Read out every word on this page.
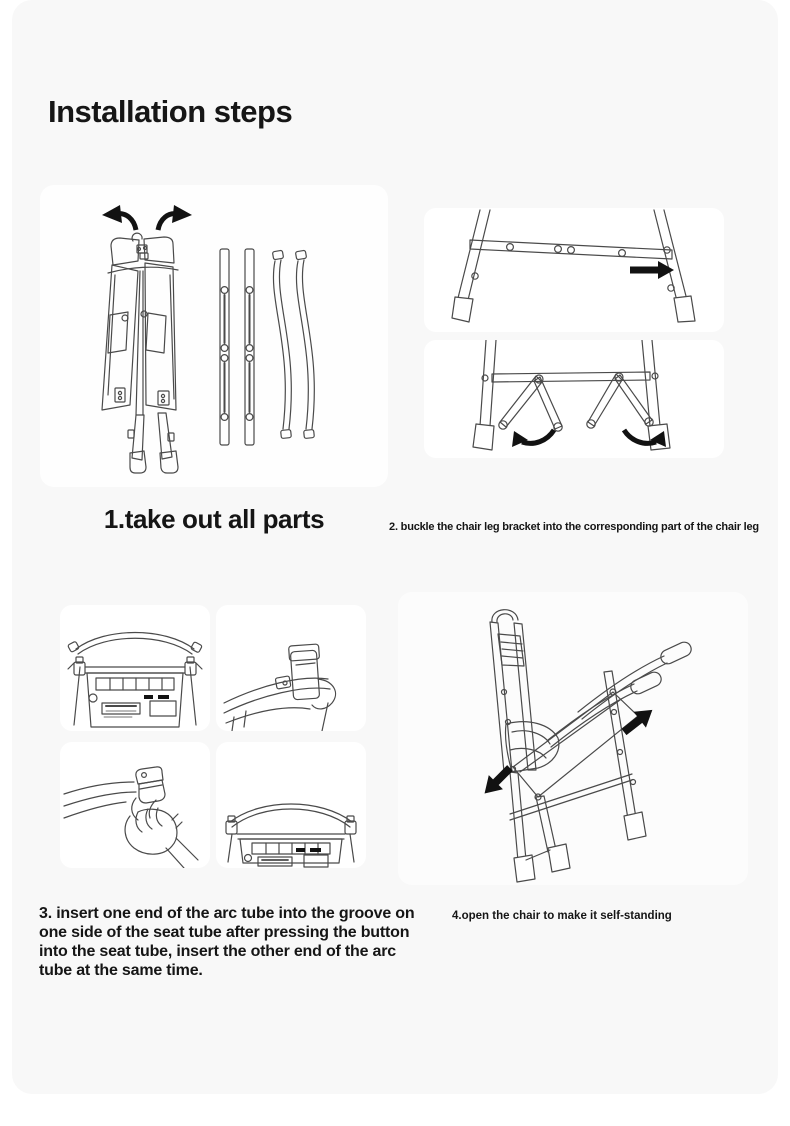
Installation steps
1.take out all parts	2. buckle the chair leg bracket into the corresponding part of the chair leg
3. insert one end of the arc tube into the groove on one side of the seat tube after pressing the button into the seat tube, insert the other end of the arc tube at the same time.
4.open the chair to make it self-standing
